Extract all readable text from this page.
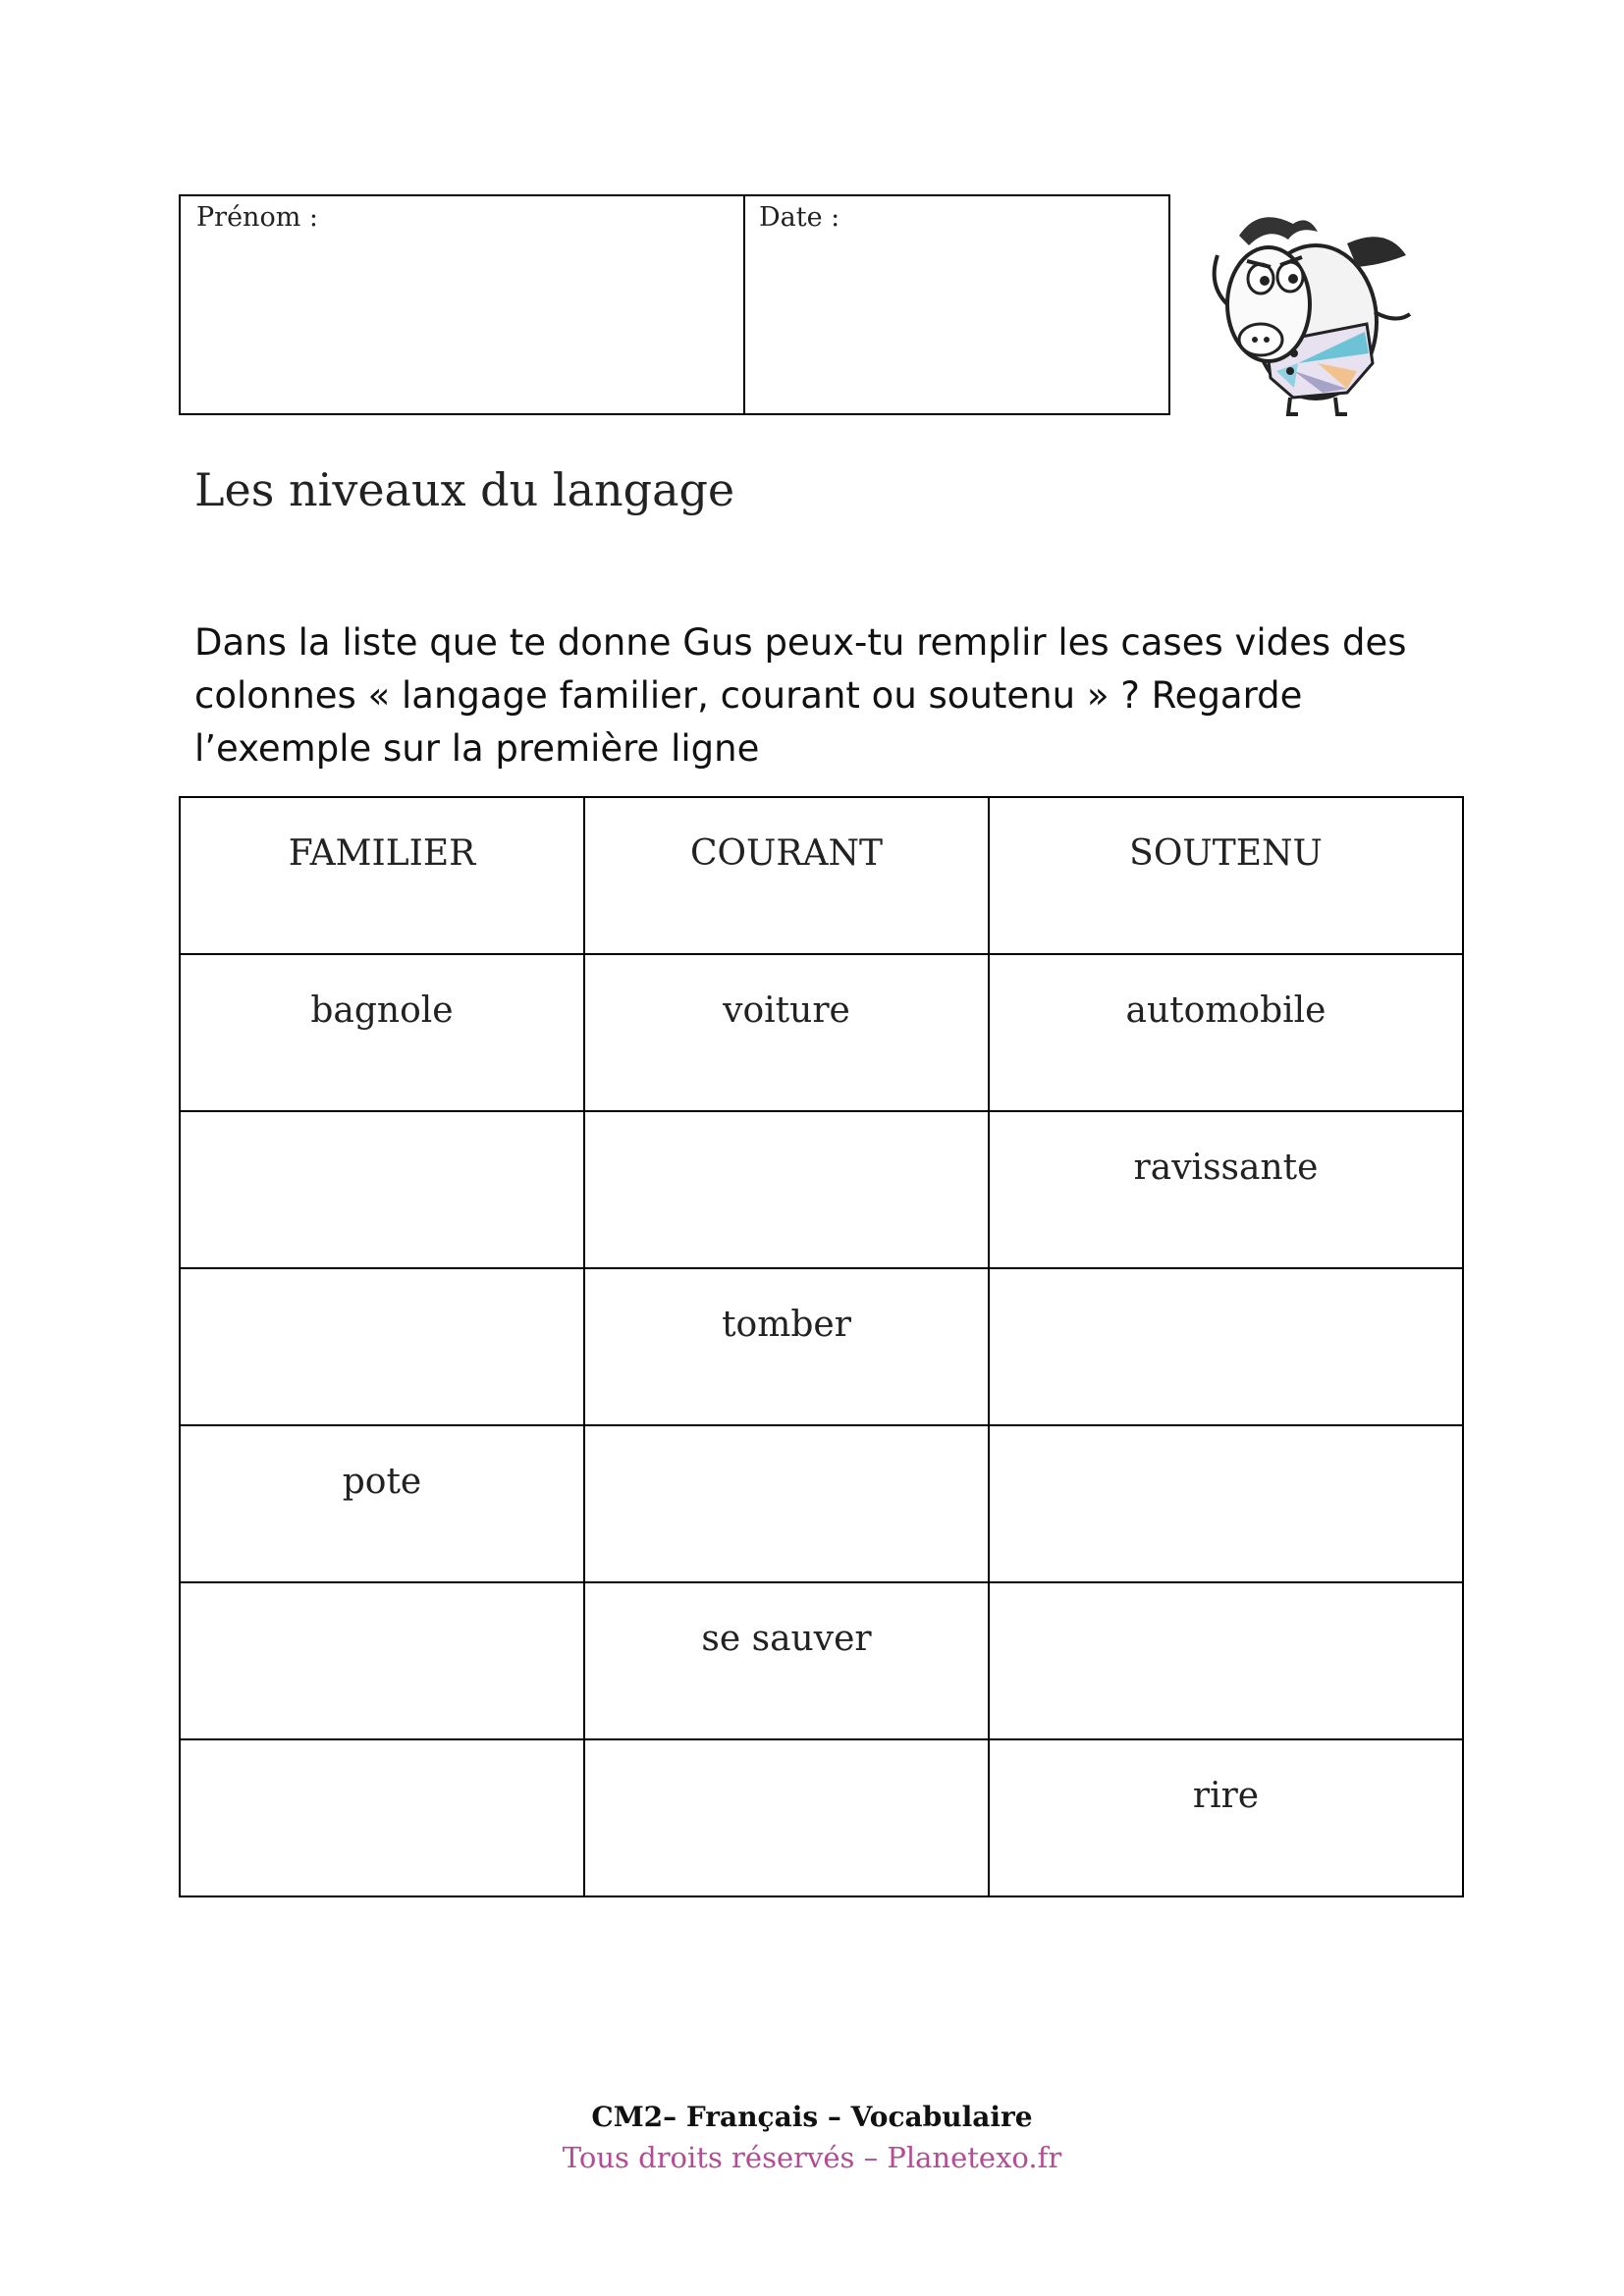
Prénom :	Date :
Les niveaux du langage
Dans la liste que te donne Gus peux-tu remplir les cases vides des colonnes « langage familier, courant ou soutenu » ? Regarde l’exemple sur la première ligne
FAMILIER	COURANT	SOUTENU
bagnole	voiture	automobile
		ravissante
	tomber	
pote		
	se sauver	
		rire
CM2– Français – Vocabulaire
Tous droits réservés – Planetexo.fr
